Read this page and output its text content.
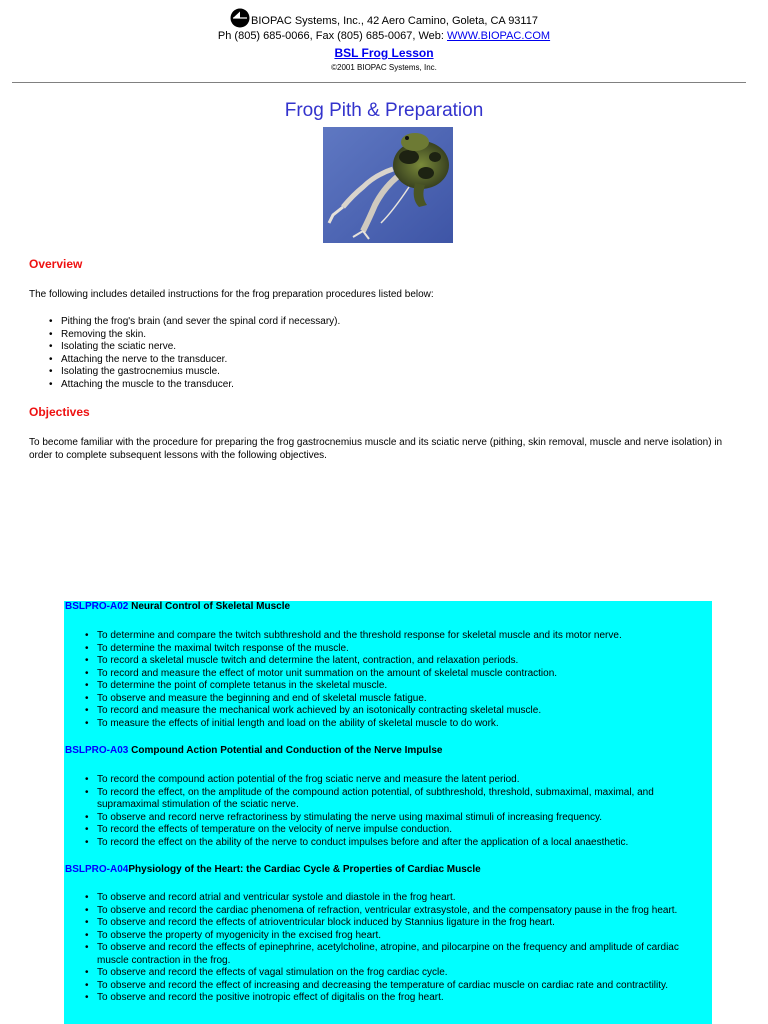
BIOPAC Systems, Inc., 42 Aero Camino, Goleta, CA 93117
Ph (805) 685-0066, Fax (805) 685-0067, Web: WWW.BIOPAC.COM
BSL Frog Lesson
©2001 BIOPAC Systems, Inc.
Frog Pith & Preparation
Overview
The following includes detailed instructions for the frog preparation procedures listed below:
• Pithing the frog's brain (and sever the spinal cord if necessary).
• Removing the skin.
• Isolating the sciatic nerve.
• Attaching the nerve to the transducer.
• Isolating the gastrocnemius muscle.
• Attaching the muscle to the transducer.
Objectives
To become familiar with the procedure for preparing the frog gastrocnemius muscle and its sciatic nerve (pithing, skin removal, muscle and nerve isolation) in order to complete subsequent lessons with the following objectives.
BSLPRO-A02 Neural Control of Skeletal Muscle
• To determine and compare the twitch subthreshold and the threshold response for skeletal muscle and its motor nerve.
• To determine the maximal twitch response of the muscle.
• To record a skeletal muscle twitch and determine the latent, contraction, and relaxation periods.
• To record and measure the effect of motor unit summation on the amount of skeletal muscle contraction.
• To determine the point of complete tetanus in the skeletal muscle.
• To observe and measure the beginning and end of skeletal muscle fatigue.
• To record and measure the mechanical work achieved by an isotonically contracting skeletal muscle.
• To measure the effects of initial length and load on the ability of skeletal muscle to do work.
BSLPRO-A03 Compound Action Potential and Conduction of the Nerve Impulse
• To record the compound action potential of the frog sciatic nerve and measure the latent period.
• To record the effect, on the amplitude of the compound action potential, of subthreshold, threshold, submaximal, maximal, and supramaximal stimulation of the sciatic nerve.
• To observe and record nerve refractoriness by stimulating the nerve using maximal stimuli of increasing frequency.
• To record the effects of temperature on the velocity of nerve impulse conduction.
• To record the effect on the ability of the nerve to conduct impulses before and after the application of a local anaesthetic.
BSLPRO-A04Physiology of the Heart: the Cardiac Cycle & Properties of Cardiac Muscle
• To observe and record atrial and ventricular systole and diastole in the frog heart.
• To observe and record the cardiac phenomena of refraction, ventricular extrasystole, and the compensatory pause in the frog heart.
• To observe and record the effects of atrioventricular block induced by Stannius ligature in the frog heart.
• To observe the property of myogenicity in the excised frog heart.
• To observe and record the effects of epinephrine, acetylcholine, atropine, and pilocarpine on the frequency and amplitude of cardiac muscle contraction in the frog.
• To observe and record the effects of vagal stimulation on the frog cardiac cycle.
• To observe and record the effect of increasing and decreasing the temperature of cardiac muscle on cardiac rate and contractility.
• To observe and record the positive inotropic effect of digitalis on the frog heart.
